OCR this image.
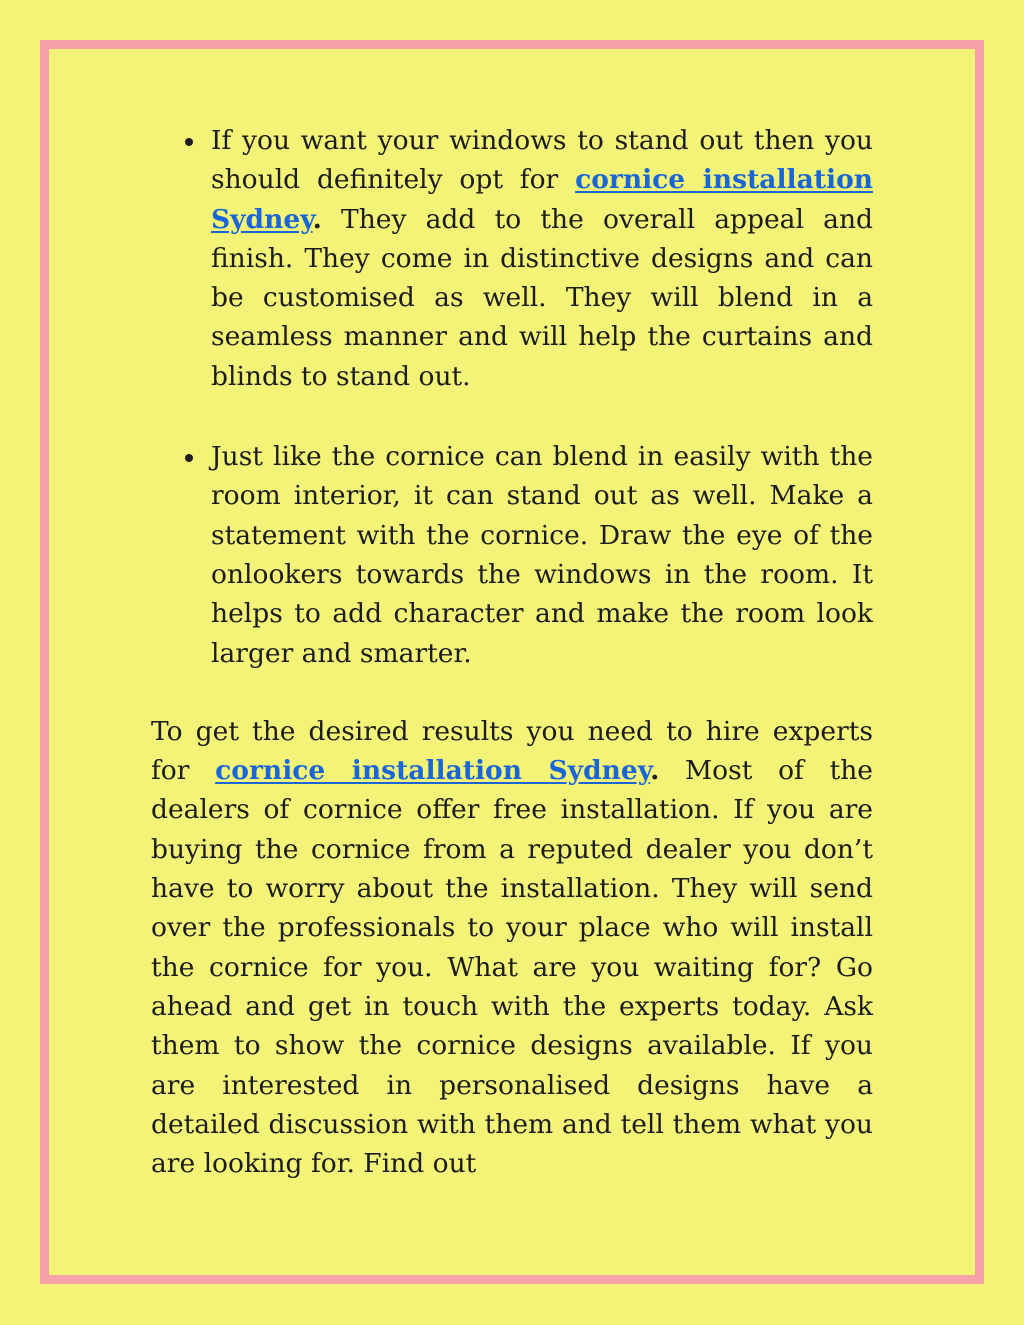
If you want your windows to stand out then you should definitely opt for cornice installation Sydney. They add to the overall appeal and finish. They come in distinctive designs and can be customised as well. They will blend in a seamless manner and will help the curtains and blinds to stand out.
Just like the cornice can blend in easily with the room interior, it can stand out as well. Make a statement with the cornice. Draw the eye of the onlookers towards the windows in the room. It helps to add character and make the room look larger and smarter.

To get the desired results you need to hire experts for cornice installation Sydney. Most of the dealers of cornice offer free installation. If you are buying the cornice from a reputed dealer you don’t have to worry about the installation. They will send over the professionals to your place who will install the cornice for you. What are you waiting for? Go ahead and get in touch with the experts today. Ask them to show the cornice designs available. If you are interested in personalised designs have a detailed discussion with them and tell them what you are looking for. Find out
